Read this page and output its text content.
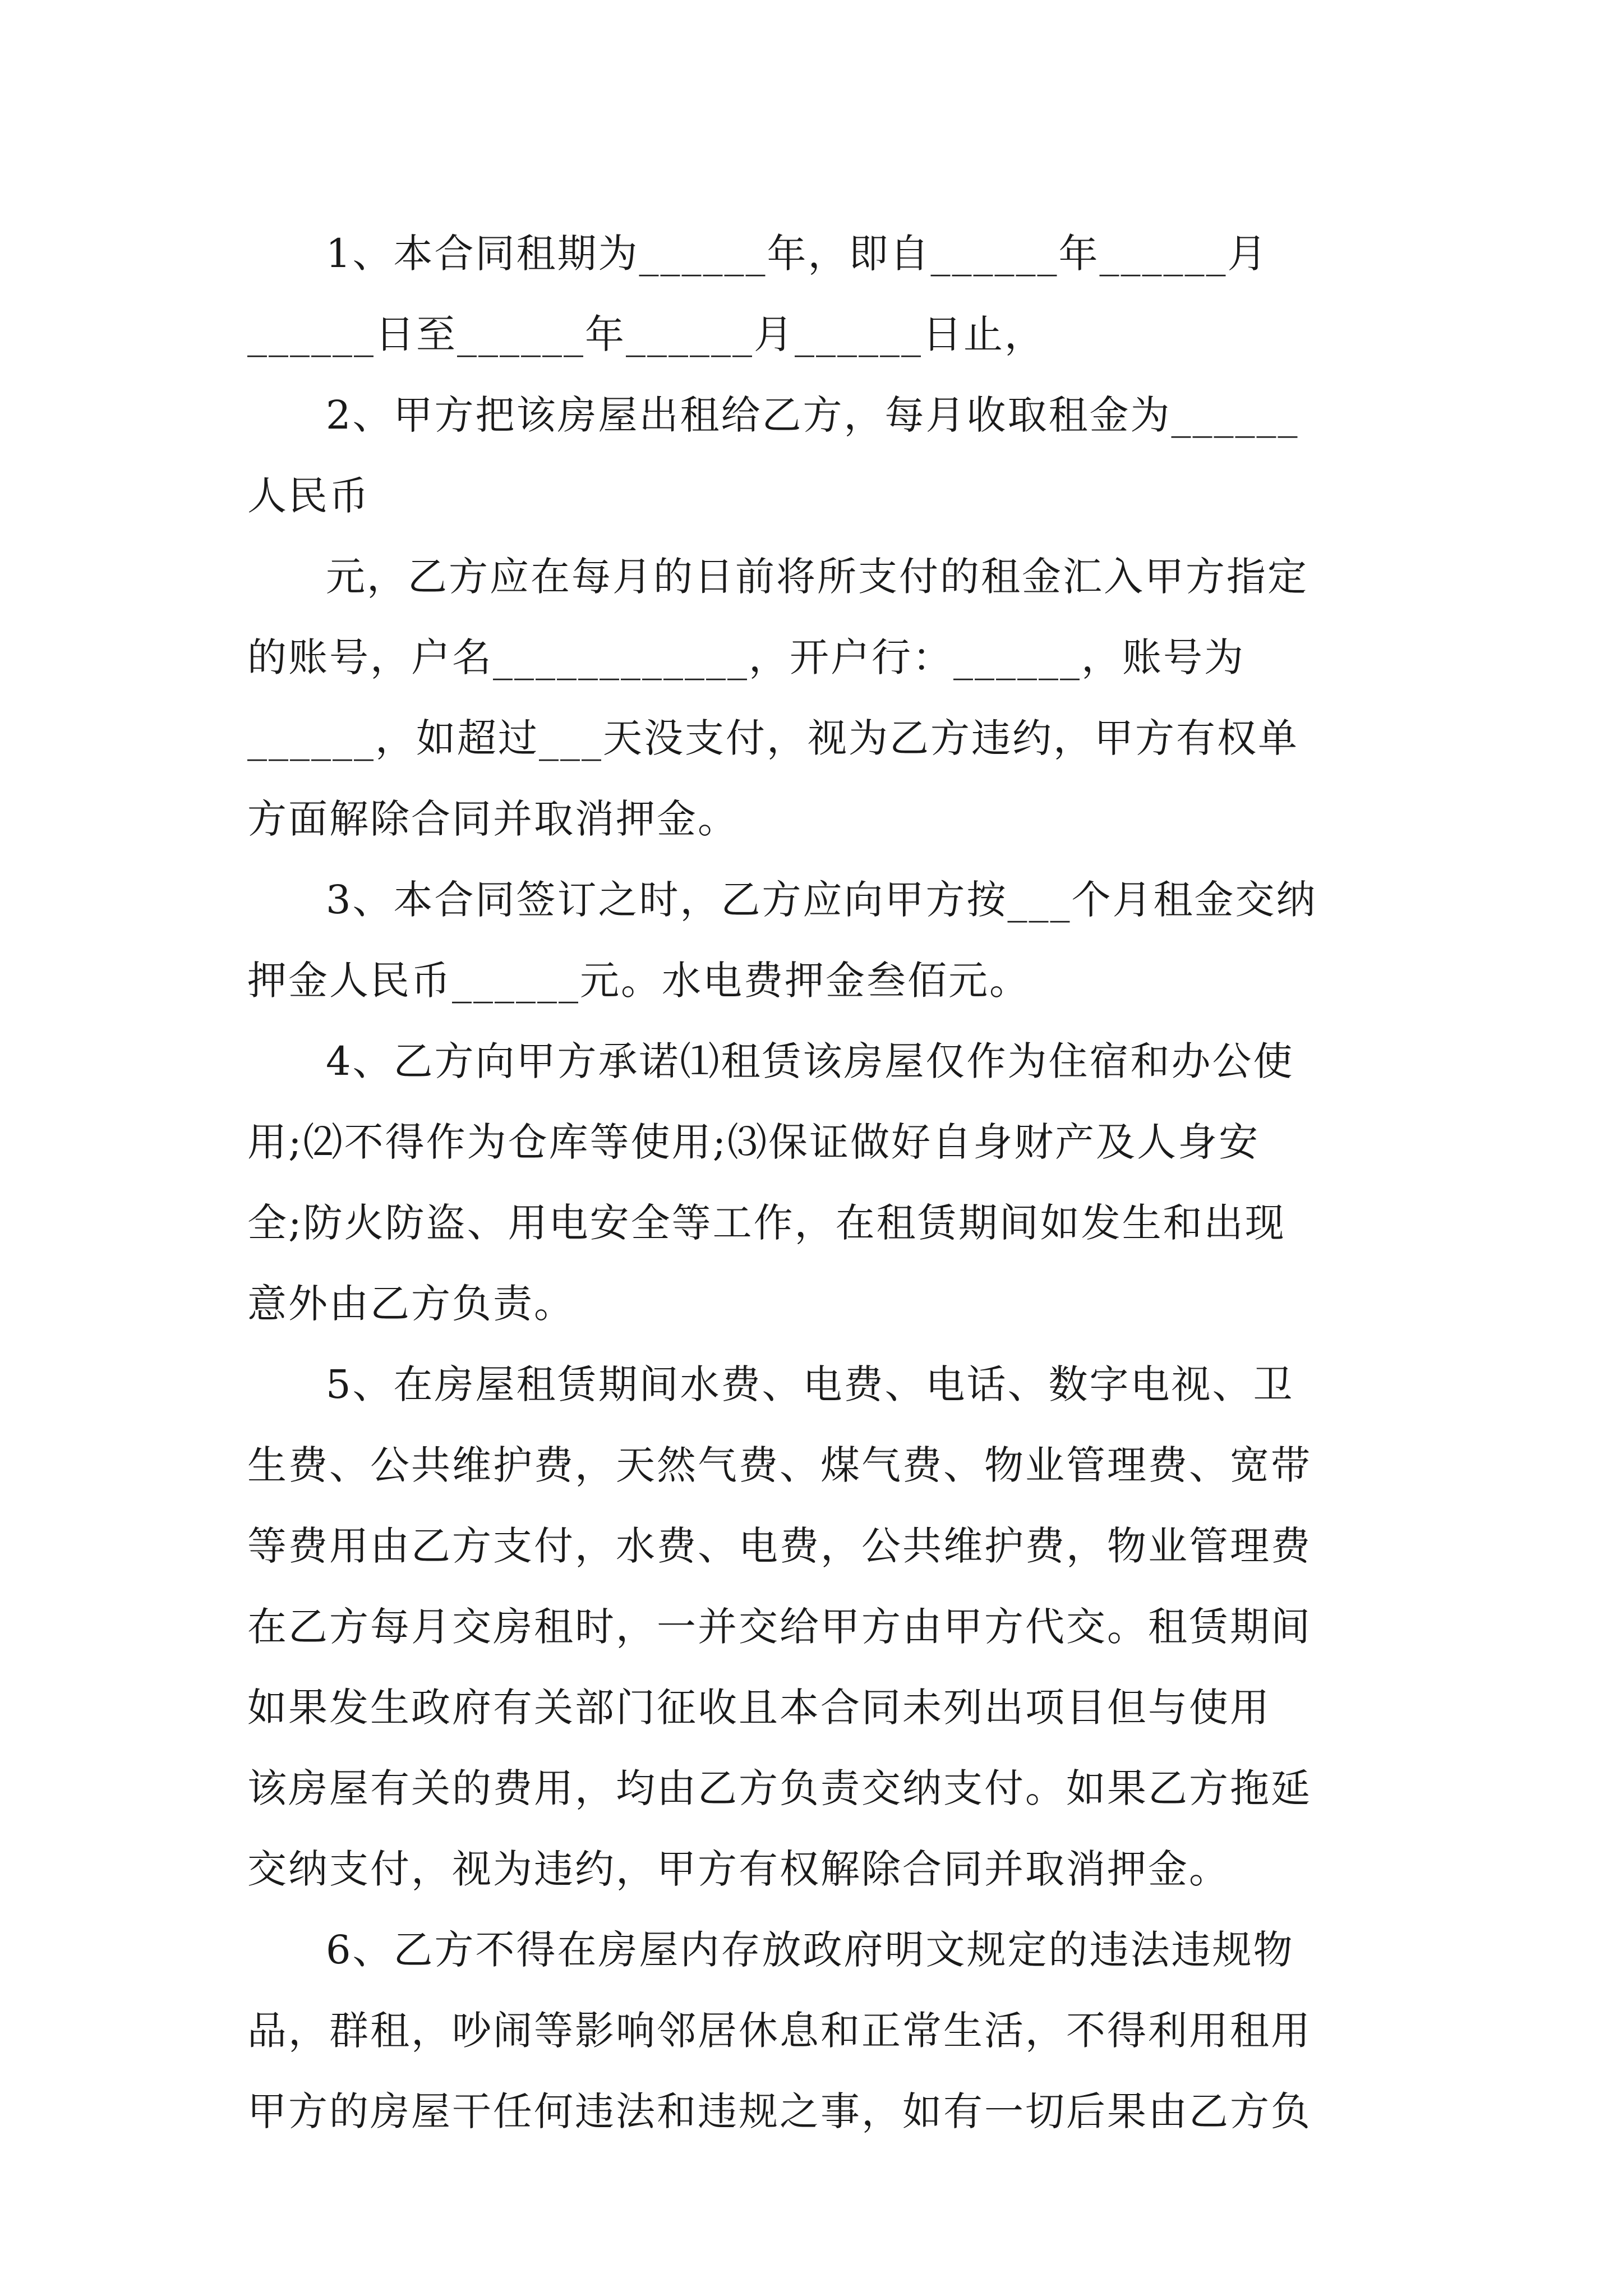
1、本合同租期为______年，即自______年______月
______日至______年______月______日止，
2、甲方把该房屋出租给乙方，每月收取租金为______
人民币
元，乙方应在每月的日前将所支付的租金汇入甲方指定
的账号，户名____________，开户行：______，账号为
______，如超过___天没支付，视为乙方违约，甲方有权单
方面解除合同并取消押金。
3、本合同签订之时，乙方应向甲方按___个月租金交纳
押金人民币______元。水电费押金叁佰元。
4、乙方向甲方承诺⑴租赁该房屋仅作为住宿和办公使
用;⑵不得作为仓库等使用;⑶保证做好自身财产及人身安
全;防火防盗、用电安全等工作，在租赁期间如发生和出现
意外由乙方负责。
5、在房屋租赁期间水费、电费、电话、数字电视、卫
生费、公共维护费，天然气费、煤气费、物业管理费、宽带
等费用由乙方支付，水费、电费，公共维护费，物业管理费
在乙方每月交房租时，一并交给甲方由甲方代交。租赁期间
如果发生政府有关部门征收且本合同未列出项目但与使用
该房屋有关的费用，均由乙方负责交纳支付。如果乙方拖延
交纳支付，视为违约，甲方有权解除合同并取消押金。
6、乙方不得在房屋内存放政府明文规定的违法违规物
品，群租，吵闹等影响邻居休息和正常生活，不得利用租用
甲方的房屋干任何违法和违规之事，如有一切后果由乙方负
